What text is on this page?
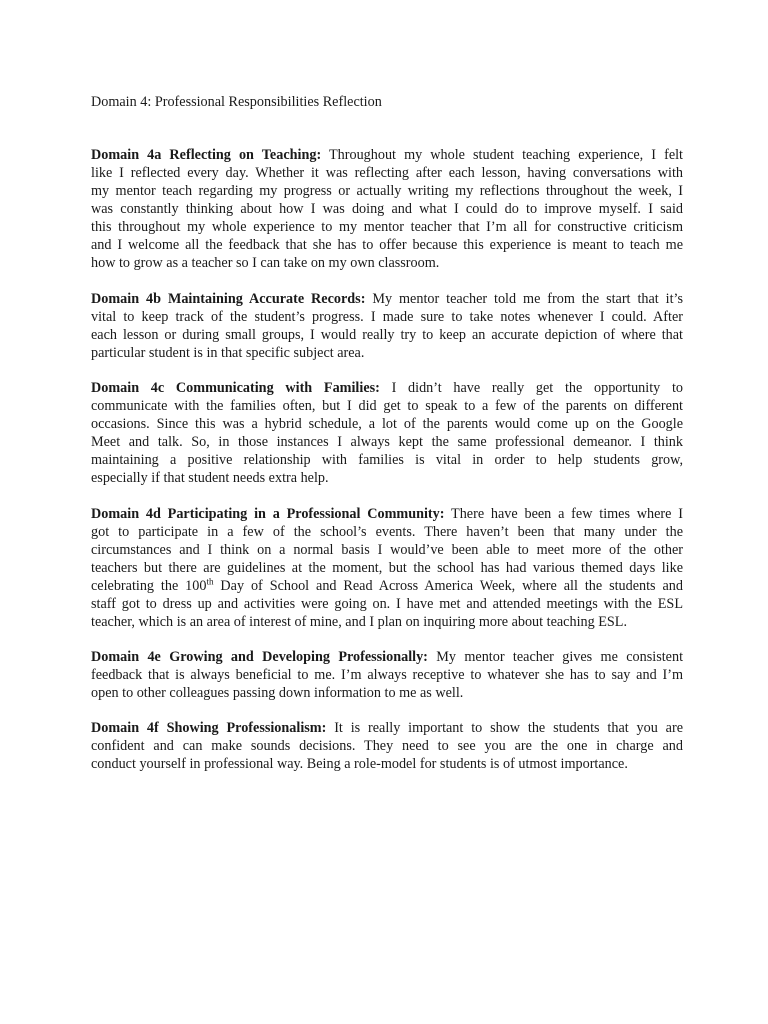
Domain 4: Professional Responsibilities Reflection
Domain 4a Reflecting on Teaching: Throughout my whole student teaching experience, I felt
like I reflected every day. Whether it was reflecting after each lesson, having conversations with
my mentor teach regarding my progress or actually writing my reflections throughout the week, I
was constantly thinking about how I was doing and what I could do to improve myself. I said
this throughout my whole experience to my mentor teacher that I’m all for constructive criticism
and I welcome all the feedback that she has to offer because this experience is meant to teach me
how to grow as a teacher so I can take on my own classroom.
Domain 4b Maintaining Accurate Records: My mentor teacher told me from the start that it’s
vital to keep track of the student’s progress. I made sure to take notes whenever I could. After
each lesson or during small groups, I would really try to keep an accurate depiction of where that
particular student is in that specific subject area.
Domain 4c Communicating with Families: I didn’t have really get the opportunity to
communicate with the families often, but I did get to speak to a few of the parents on different
occasions. Since this was a hybrid schedule, a lot of the parents would come up on the Google
Meet and talk. So, in those instances I always kept the same professional demeanor. I think
maintaining a positive relationship with families is vital in order to help students grow,
especially if that student needs extra help.
Domain 4d Participating in a Professional Community: There have been a few times where I
got to participate in a few of the school’s events. There haven’t been that many under the
circumstances and I think on a normal basis I would’ve been able to meet more of the other
teachers but there are guidelines at the moment, but the school has had various themed days like
celebrating the 100th Day of School and Read Across America Week, where all the students and
staff got to dress up and activities were going on. I have met and attended meetings with the ESL
teacher, which is an area of interest of mine, and I plan on inquiring more about teaching ESL.
Domain 4e Growing and Developing Professionally: My mentor teacher gives me consistent
feedback that is always beneficial to me. I’m always receptive to whatever she has to say and I’m
open to other colleagues passing down information to me as well.
Domain 4f Showing Professionalism: It is really important to show the students that you are
confident and can make sounds decisions. They need to see you are the one in charge and
conduct yourself in professional way. Being a role-model for students is of utmost importance.
